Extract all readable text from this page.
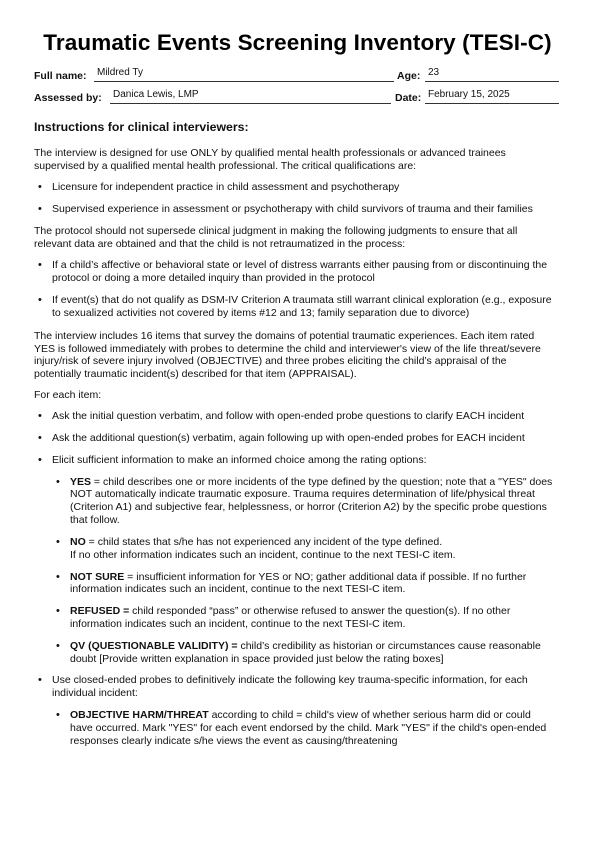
Traumatic Events Screening Inventory (TESI-C)
Full name: Mildred Ty	Age: 23
Assessed by: Danica Lewis, LMP	Date: February 15, 2025
Instructions for clinical interviewers:

The interview is designed for use ONLY by qualified mental health professionals or advanced trainees supervised by a qualified mental health professional. The critical qualifications are:

• Licensure for independent practice in child assessment and psychotherapy
• Supervised experience in assessment or psychotherapy with child survivors of trauma and their families

The protocol should not supersede clinical judgment in making the following judgments to ensure that all relevant data are obtained and that the child is not retraumatized in the process:

• If a child’s affective or behavioral state or level of distress warrants either pausing from or discontinuing the protocol or doing a more detailed inquiry than provided in the protocol
• If event(s) that do not qualify as DSM-IV Criterion A traumata still warrant clinical exploration (e.g., exposure to sexualized activities not covered by items #12 and 13; family separation due to divorce)

The interview includes 16 items that survey the domains of potential traumatic experiences. Each item rated YES is followed immediately with probes to determine the child and interviewer's view of the life threat/severe injury/risk of severe injury involved (OBJECTIVE) and three probes eliciting the child’s appraisal of the potentially traumatic incident(s) described for that item (APPRAISAL).

For each item:

• Ask the initial question verbatim, and follow with open-ended probe questions to clarify EACH incident
• Ask the additional question(s) verbatim, again following up with open-ended probes for EACH incident
• Elicit sufficient information to make an informed choice among the rating options:
• YES = child describes one or more incidents of the type defined by the question; note that a "YES" does NOT automatically indicate traumatic exposure. Trauma requires determination of life/physical threat (Criterion A1) and subjective fear, helplessness, or horror (Criterion A2) by the specific probe questions that follow.
• NO = child states that s/he has not experienced any incident of the type defined.
If no other information indicates such an incident, continue to the next TESI-C item.
• NOT SURE = insufficient information for YES or NO; gather additional data if possible. If no further information indicates such an incident, continue to the next TESI-C item.
• REFUSED = child responded “pass” or otherwise refused to answer the question(s). If no other information indicates such an incident, continue to the next TESI-C item.
• QV (QUESTIONABLE VALIDITY) = child’s credibility as historian or circumstances cause reasonable doubt [Provide written explanation in space provided just below the rating boxes]
• Use closed-ended probes to definitively indicate the following key trauma-specific information, for each individual incident:
• OBJECTIVE HARM/THREAT according to child = child's view of whether serious harm did or could have occurred. Mark "YES" for each event endorsed by the child. Mark "YES" if the child's open-ended responses clearly indicate s/he views the event as causing/threatening
